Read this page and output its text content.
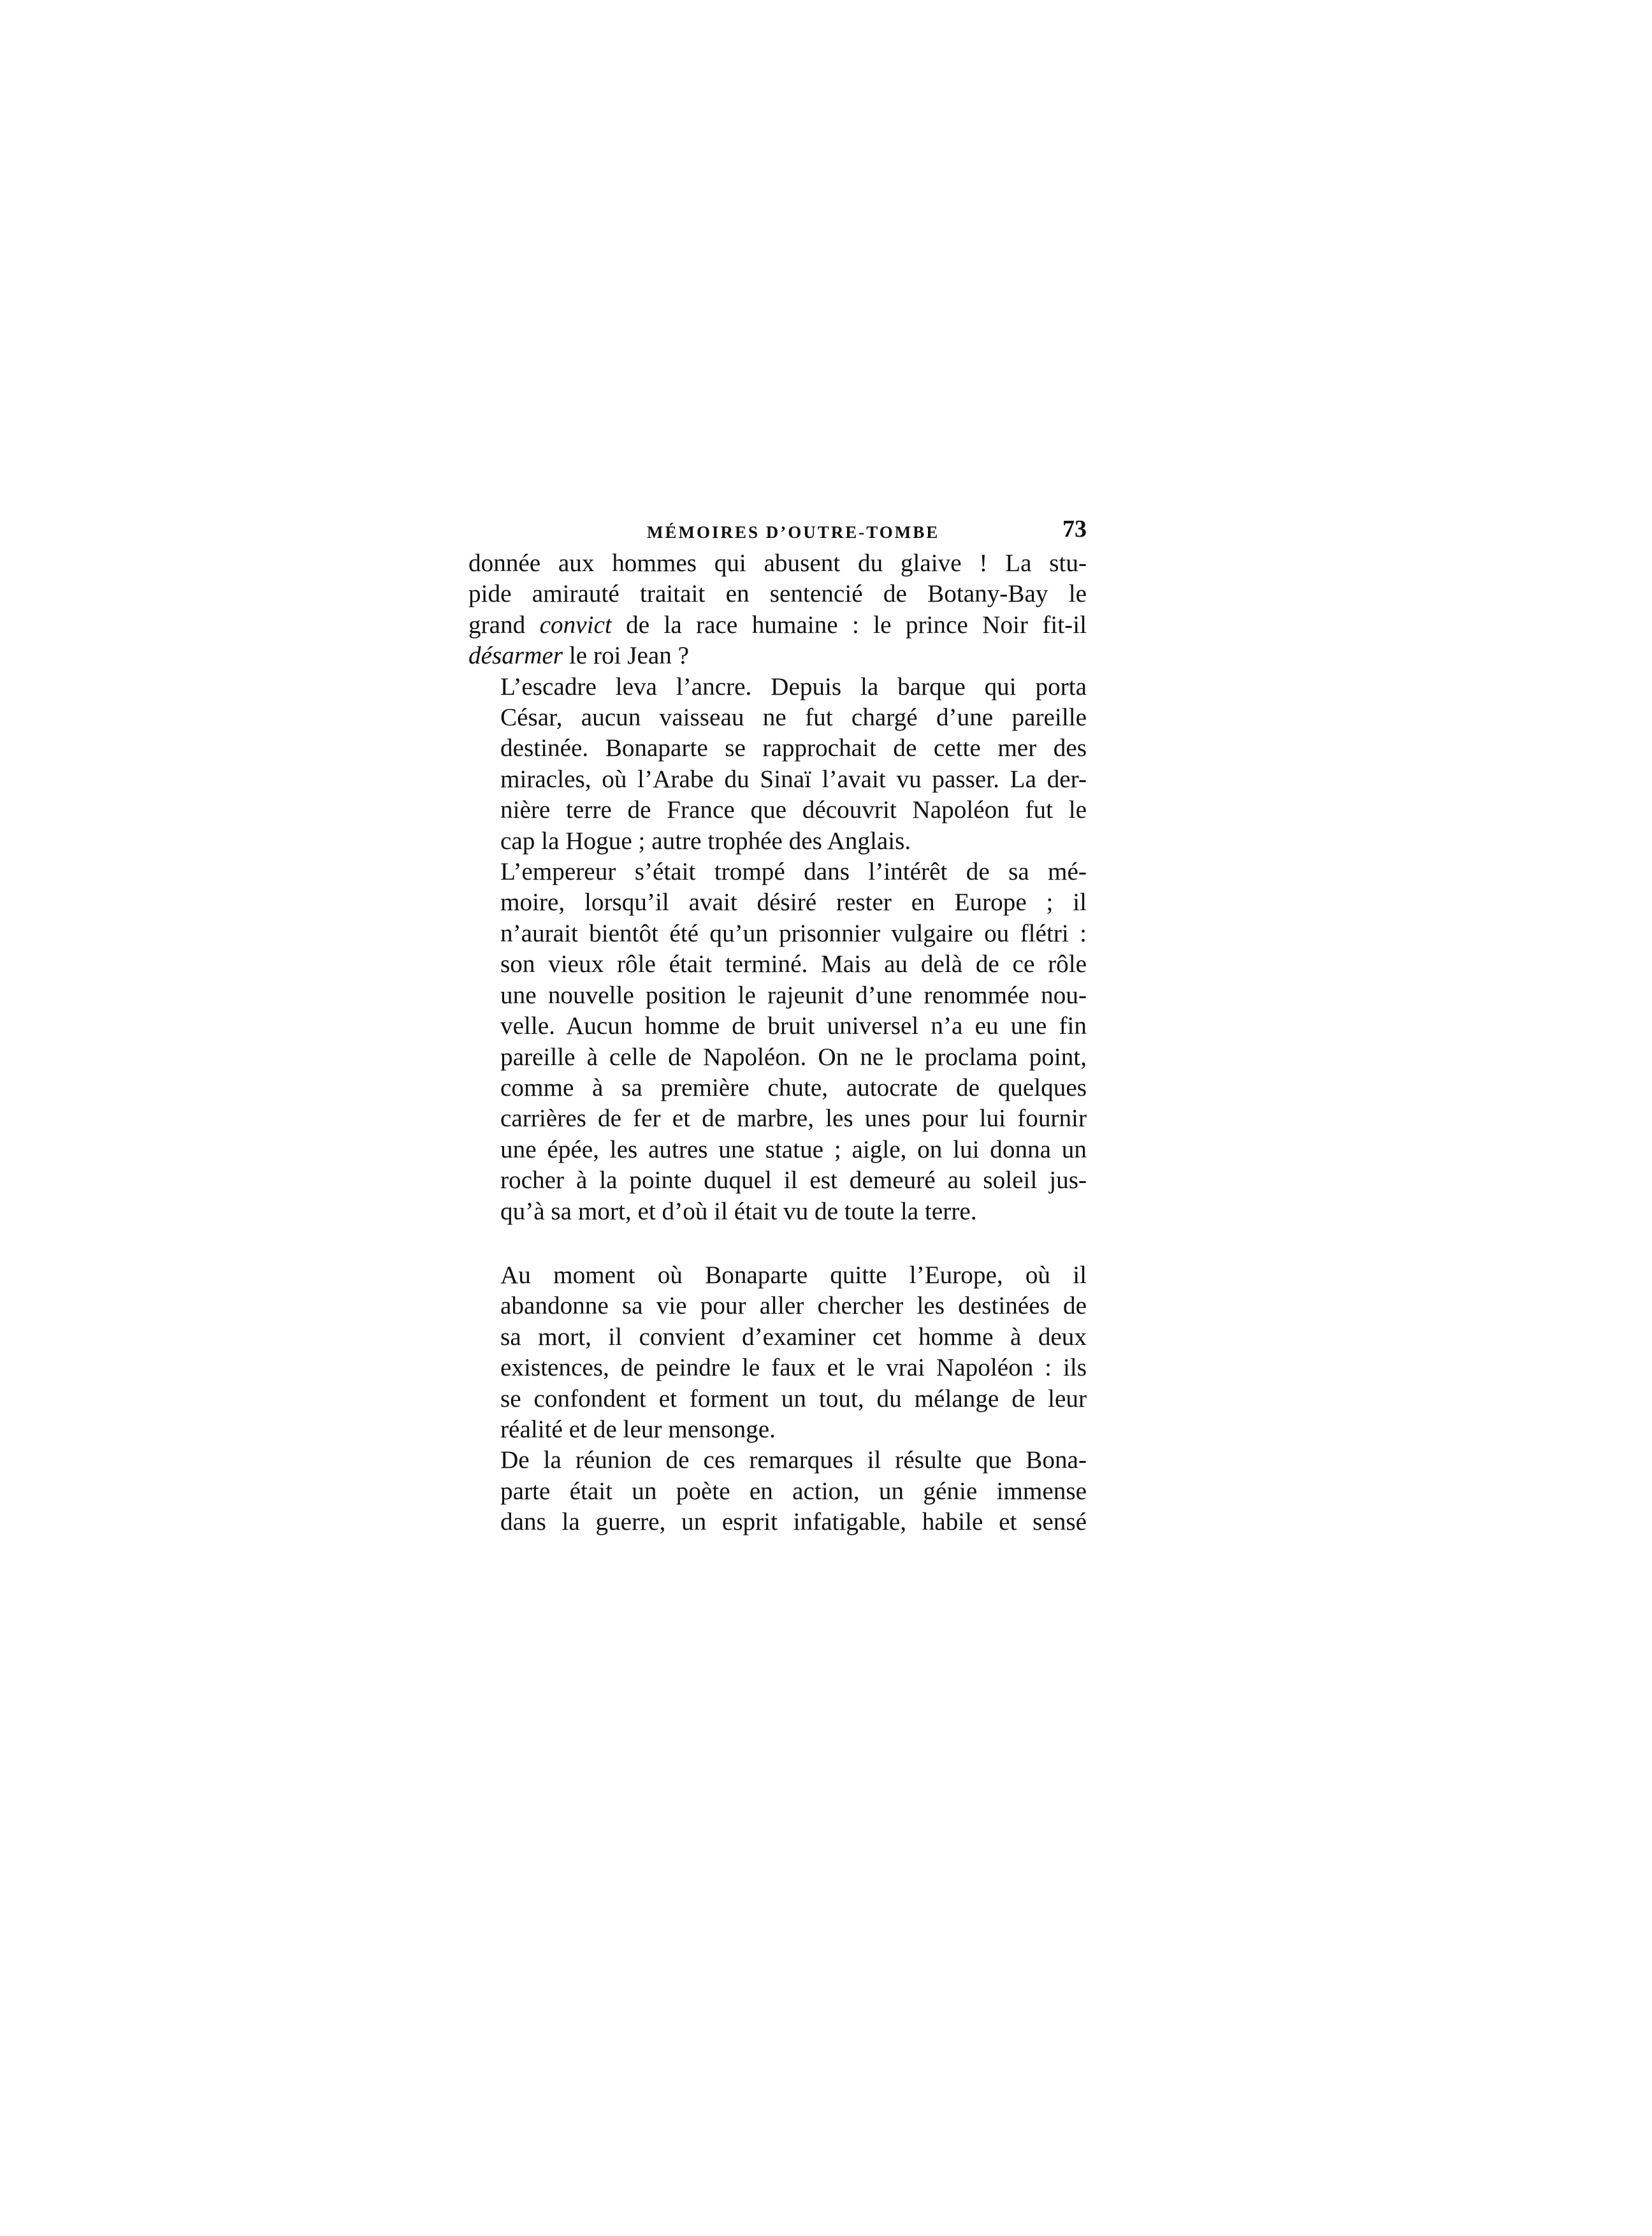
MÉMOIRES D’OUTRE-TOMBE	73
donnée aux hommes qui abusent du glaive ! La stu-
pide amirauté traitait en sentencié de Botany-Bay le
grand convict de la race humaine : le prince Noir fit-il
désarmer le roi Jean ?
L’escadre leva l’ancre. Depuis la barque qui porta
César, aucun vaisseau ne fut chargé d’une pareille
destinée. Bonaparte se rapprochait de cette mer des
miracles, où l’Arabe du Sinaï l’avait vu passer. La der-
nière terre de France que découvrit Napoléon fut le
cap la Hogue ; autre trophée des Anglais.
L’empereur s’était trompé dans l’intérêt de sa mé-
moire, lorsqu’il avait désiré rester en Europe ; il
n’aurait bientôt été qu’un prisonnier vulgaire ou flétri :
son vieux rôle était terminé. Mais au delà de ce rôle
une nouvelle position le rajeunit d’une renommée nou-
velle. Aucun homme de bruit universel n’a eu une fin
pareille à celle de Napoléon. On ne le proclama point,
comme à sa première chute, autocrate de quelques
carrières de fer et de marbre, les unes pour lui fournir
une épée, les autres une statue ; aigle, on lui donna un
rocher à la pointe duquel il est demeuré au soleil jus-
qu’à sa mort, et d’où il était vu de toute la terre.
Au moment où Bonaparte quitte l’Europe, où il
abandonne sa vie pour aller chercher les destinées de
sa mort, il convient d’examiner cet homme à deux
existences, de peindre le faux et le vrai Napoléon : ils
se confondent et forment un tout, du mélange de leur
réalité et de leur mensonge.
De la réunion de ces remarques il résulte que Bona-
parte était un poète en action, un génie immense
dans la guerre, un esprit infatigable, habile et sensé
